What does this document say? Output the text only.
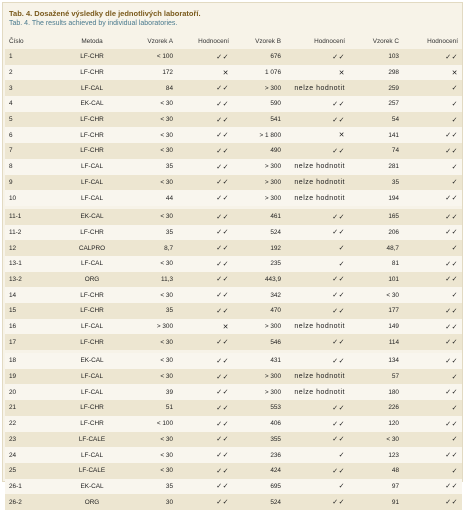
Tab. 4. Dosažené výsledky dle jednotlivých laboratoří.
Tab. 4. The results achieved by individual laboratories.
Číslo	Metoda	Vzorek A	Hodnocení	Vzorek B	Hodnocení	Vzorek C	Hodnocení
1	LF-CHR	< 100	✓✓	676	✓✓	103	✓✓
2	LF-CHR	172	✕	1 076	✕	298	✕
3	LF-CAL	84	✓✓	> 300	nelze hodnotit	259	✓
4	EK-CAL	< 30	✓✓	590	✓✓	257	✓
5	LF-CHR	< 30	✓✓	541	✓✓	54	✓
6	LF-CHR	< 30	✓✓	> 1 800	✕	141	✓✓
7	LF-CHR	< 30	✓✓	490	✓✓	74	✓✓
8	LF-CAL	35	✓✓	> 300	nelze hodnotit	281	✓
9	LF-CAL	< 30	✓✓	> 300	nelze hodnotit	35	✓
10	LF-CAL	44	✓✓	> 300	nelze hodnotit	194	✓✓
11-1	EK-CAL	< 30	✓✓	461	✓✓	165	✓✓
11-2	LF-CHR	35	✓✓	524	✓✓	206	✓✓
12	CALPRO	8,7	✓✓	192	✓	48,7	✓
13-1	LF-CAL	< 30	✓✓	235	✓	81	✓✓
13-2	ORG	11,3	✓✓	443,9	✓✓	101	✓✓
14	LF-CHR	< 30	✓✓	342	✓✓	< 30	✓
15	LF-CHR	35	✓✓	470	✓✓	177	✓✓
16	LF-CAL	> 300	✕	> 300	nelze hodnotit	149	✓✓
17	LF-CHR	< 30	✓✓	546	✓✓	114	✓✓
18	EK-CAL	< 30	✓✓	431	✓✓	134	✓✓
19	LF-CAL	< 30	✓✓	> 300	nelze hodnotit	57	✓
20	LF-CAL	39	✓✓	> 300	nelze hodnotit	180	✓✓
21	LF-CHR	51	✓✓	553	✓✓	226	✓
22	LF-CHR	< 100	✓✓	406	✓✓	120	✓✓
23	LF-CALE	< 30	✓✓	355	✓✓	< 30	✓
24	LF-CAL	< 30	✓✓	236	✓	123	✓✓
25	LF-CALE	< 30	✓✓	424	✓✓	48	✓
26-1	EK-CAL	35	✓✓	695	✓	97	✓✓
26-2	ORG	30	✓✓	524	✓✓	91	✓✓
